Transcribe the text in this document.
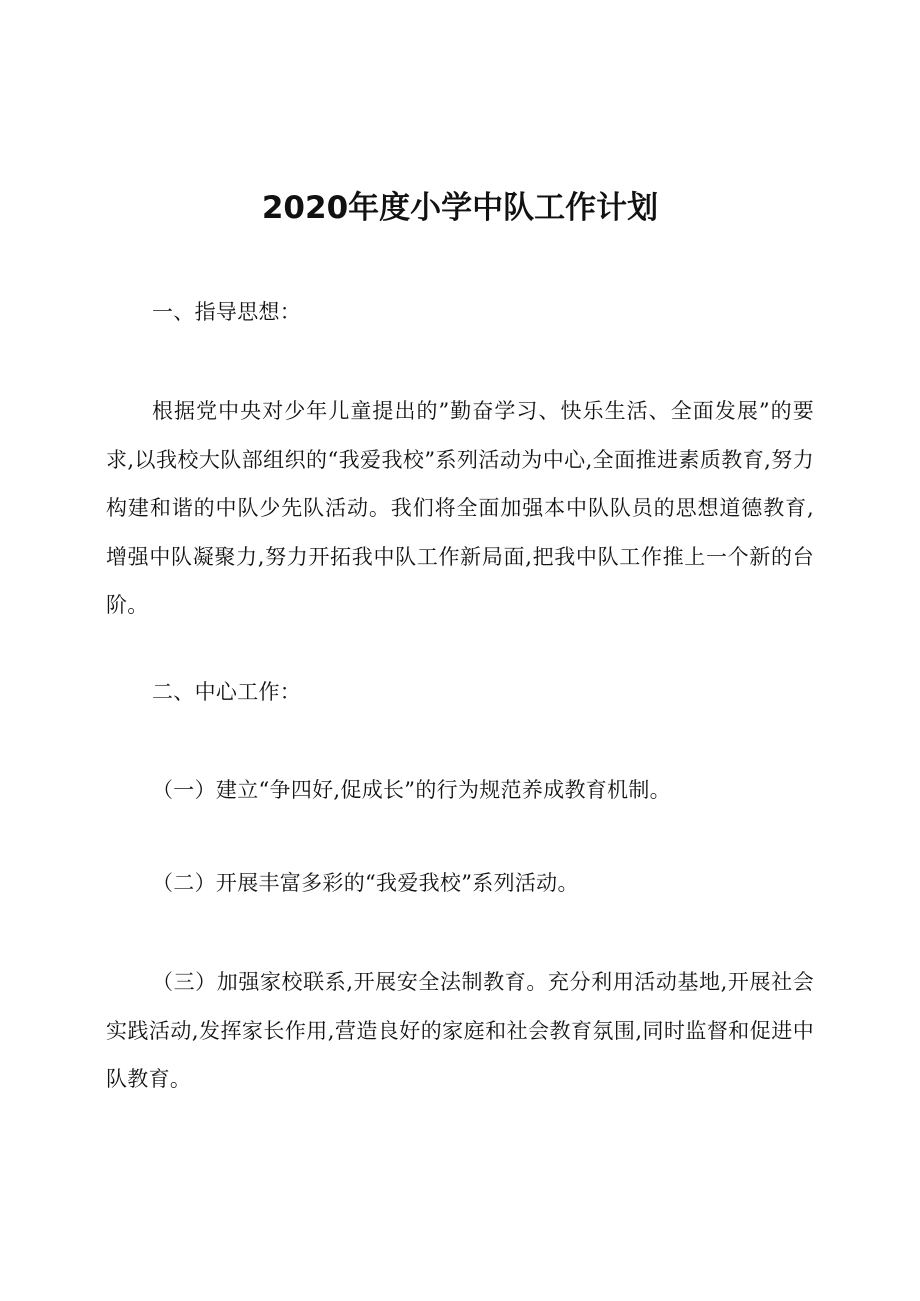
2020年度小学中队工作计划

一、指导思想：

根据党中央对少年儿童提出的”勤奋学习、快乐生活、全面发展”的要求,以我校大队部组织的“我爱我校”系列活动为中心,全面推进素质教育,努力构建和谐的中队少先队活动。我们将全面加强本中队队员的思想道德教育,增强中队凝聚力,努力开拓我中队工作新局面,把我中队工作推上一个新的台阶。

二、中心工作：

（一）建立“争四好,促成长”的行为规范养成教育机制。

（二）开展丰富多彩的“我爱我校”系列活动。

（三）加强家校联系,开展安全法制教育。充分利用活动基地,开展社会实践活动,发挥家长作用,营造良好的家庭和社会教育氛围,同时监督和促进中队教育。
